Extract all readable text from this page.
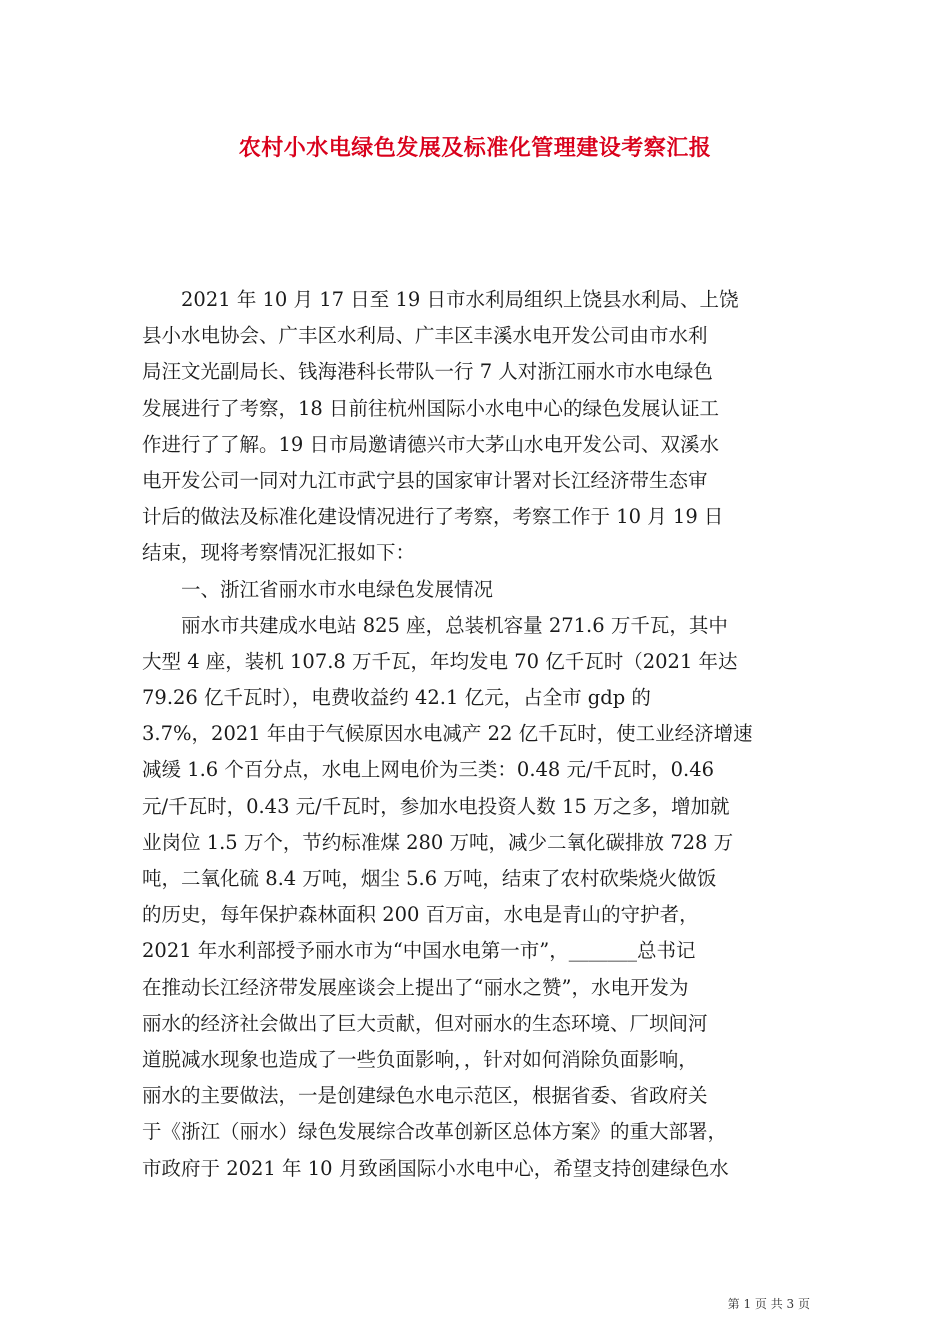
农村小水电绿色发展及标准化管理建设考察汇报
2021 年 10 月 17 日至 19 日市水利局组织上饶县水利局、上饶
县小水电协会、广丰区水利局、广丰区丰溪水电开发公司由市水利
局汪文光副局长、钱海港科长带队一行 7 人对浙江丽水市水电绿色
发展进行了考察，18 日前往杭州国际小水电中心的绿色发展认证工
作进行了了解。19 日市局邀请德兴市大茅山水电开发公司、双溪水
电开发公司一同对九江市武宁县的国家审计署对长江经济带生态审
计后的做法及标准化建设情况进行了考察，考察工作于 10 月 19 日
结束，现将考察情况汇报如下：
一、浙江省丽水市水电绿色发展情况
丽水市共建成水电站 825 座，总装机容量 271.6 万千瓦，其中
大型 4 座，装机 107.8 万千瓦，年均发电 70 亿千瓦时（2021 年达
79.26 亿千瓦时），电费收益约 42.1 亿元，占全市 gdp 的
3.7%，2021 年由于气候原因水电减产 22 亿千瓦时，使工业经济增速
减缓 1.6 个百分点，水电上网电价为三类：0.48 元/千瓦时，0.46
元/千瓦时，0.43 元/千瓦时，参加水电投资人数 15 万之多，增加就
业岗位 1.5 万个，节约标准煤 280 万吨，减少二氧化碳排放 728 万
吨，二氧化硫 8.4 万吨，烟尘 5.6 万吨，结束了农村砍柴烧火做饭
的历史，每年保护森林面积 200 百万亩，水电是青山的守护者，
2021 年水利部授予丽水市为“中国水电第一市”，_______总书记
在推动长江经济带发展座谈会上提出了“丽水之赞”，水电开发为
丽水的经济社会做出了巨大贡献，但对丽水的生态环境、厂坝间河
道脱减水现象也造成了一些负面影响，，针对如何消除负面影响，
丽水的主要做法，一是创建绿色水电示范区，根据省委、省政府关
于《浙江（丽水）绿色发展综合改革创新区总体方案》的重大部署，
市政府于 2021 年 10 月致函国际小水电中心，希望支持创建绿色水
第 1 页 共 3 页
